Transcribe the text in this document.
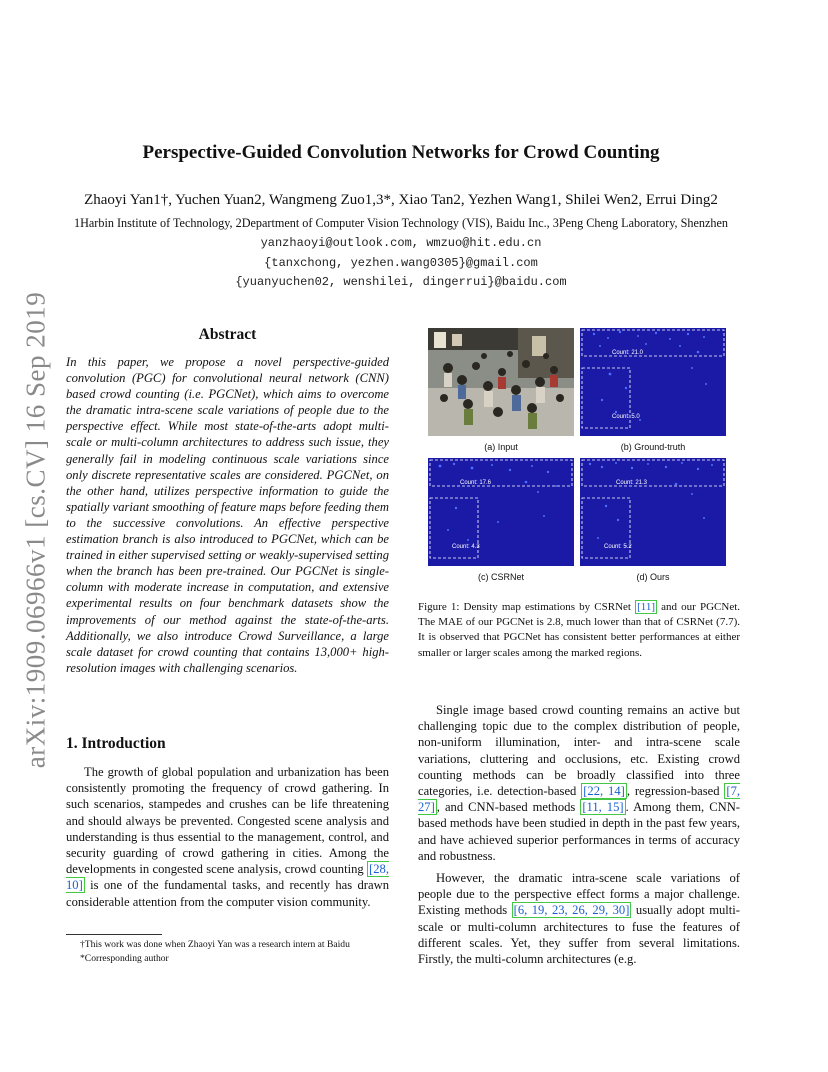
arXiv:1909.06966v1 [cs.CV] 16 Sep 2019
Perspective-Guided Convolution Networks for Crowd Counting
Zhaoyi Yan1†, Yuchen Yuan2, Wangmeng Zuo1,3*, Xiao Tan2, Yezhen Wang1, Shilei Wen2, Errui Ding2
1Harbin Institute of Technology, 2Department of Computer Vision Technology (VIS), Baidu Inc., 3Peng Cheng Laboratory, Shenzhen
yanzhaoyi@outlook.com, wmzuo@hit.edu.cn
{tanxchong, yezhen.wang0305}@gmail.com
{yuanyuchen02, wenshilei, dingerrui}@baidu.com
Abstract
In this paper, we propose a novel perspective-guided convolution (PGC) for convolutional neural network (CNN) based crowd counting (i.e. PGCNet), which aims to overcome the dramatic intra-scene scale variations of people due to the perspective effect. While most state-of-the-arts adopt multi-scale or multi-column architectures to address such issue, they generally fail in modeling continuous scale variations since only discrete representative scales are considered. PGCNet, on the other hand, utilizes perspective information to guide the spatially variant smoothing of feature maps before feeding them to the successive convolutions. An effective perspective estimation branch is also introduced to PGCNet, which can be trained in either supervised setting or weakly-supervised setting when the branch has been pre-trained. Our PGCNet is single-column with moderate increase in computation, and extensive experimental results on four benchmark datasets show the improvements of our method against the state-of-the-arts. Additionally, we also introduce Crowd Surveillance, a large scale dataset for crowd counting that contains 13,000+ high-resolution images with challenging scenarios.
1. Introduction
The growth of global population and urbanization has been consistently promoting the frequency of crowd gathering. In such scenarios, stampedes and crushes can be life threatening and should always be prevented. Congested scene analysis and understanding is thus essential to the management, control, and security guarding of crowd gathering in cities. Among the developments in congested scene analysis, crowd counting [28, 10] is one of the fundamental tasks, and recently has drawn considerable attention from the computer vision community.
†This work was done when Zhaoyi Yan was a research intern at Baidu
*Corresponding author
(a) Input
Count: 21.0
Count: 5.0
(b) Ground-truth
Count: 17.6
Count: 4.3
(c) CSRNet
Count: 21.3
Count: 5.2
(d) Ours
Figure 1: Density map estimations by CSRNet [11] and our PGCNet. The MAE of our PGCNet is 2.8, much lower than that of CSRNet (7.7). It is observed that PGCNet has consistent better performances at either smaller or larger scales among the marked regions.
Single image based crowd counting remains an active but challenging topic due to the complex distribution of people, non-uniform illumination, inter- and intra-scene scale variations, cluttering and occlusions, etc. Existing crowd counting methods can be broadly classified into three categories, i.e. detection-based [22, 14] , regression-based [7, 27] , and CNN-based methods [11, 15] . Among them, CNN-based methods have been studied in depth in the past few years, and have achieved superior performances in terms of accuracy and robustness.
However, the dramatic intra-scene scale variations of people due to the perspective effect forms a major challenge. Existing methods [6, 19, 23, 26, 29, 30] usually adopt multi-scale or multi-column architectures to fuse the features of different scales. Yet, they suffer from several limitations. Firstly, the multi-column architectures (e.g.
